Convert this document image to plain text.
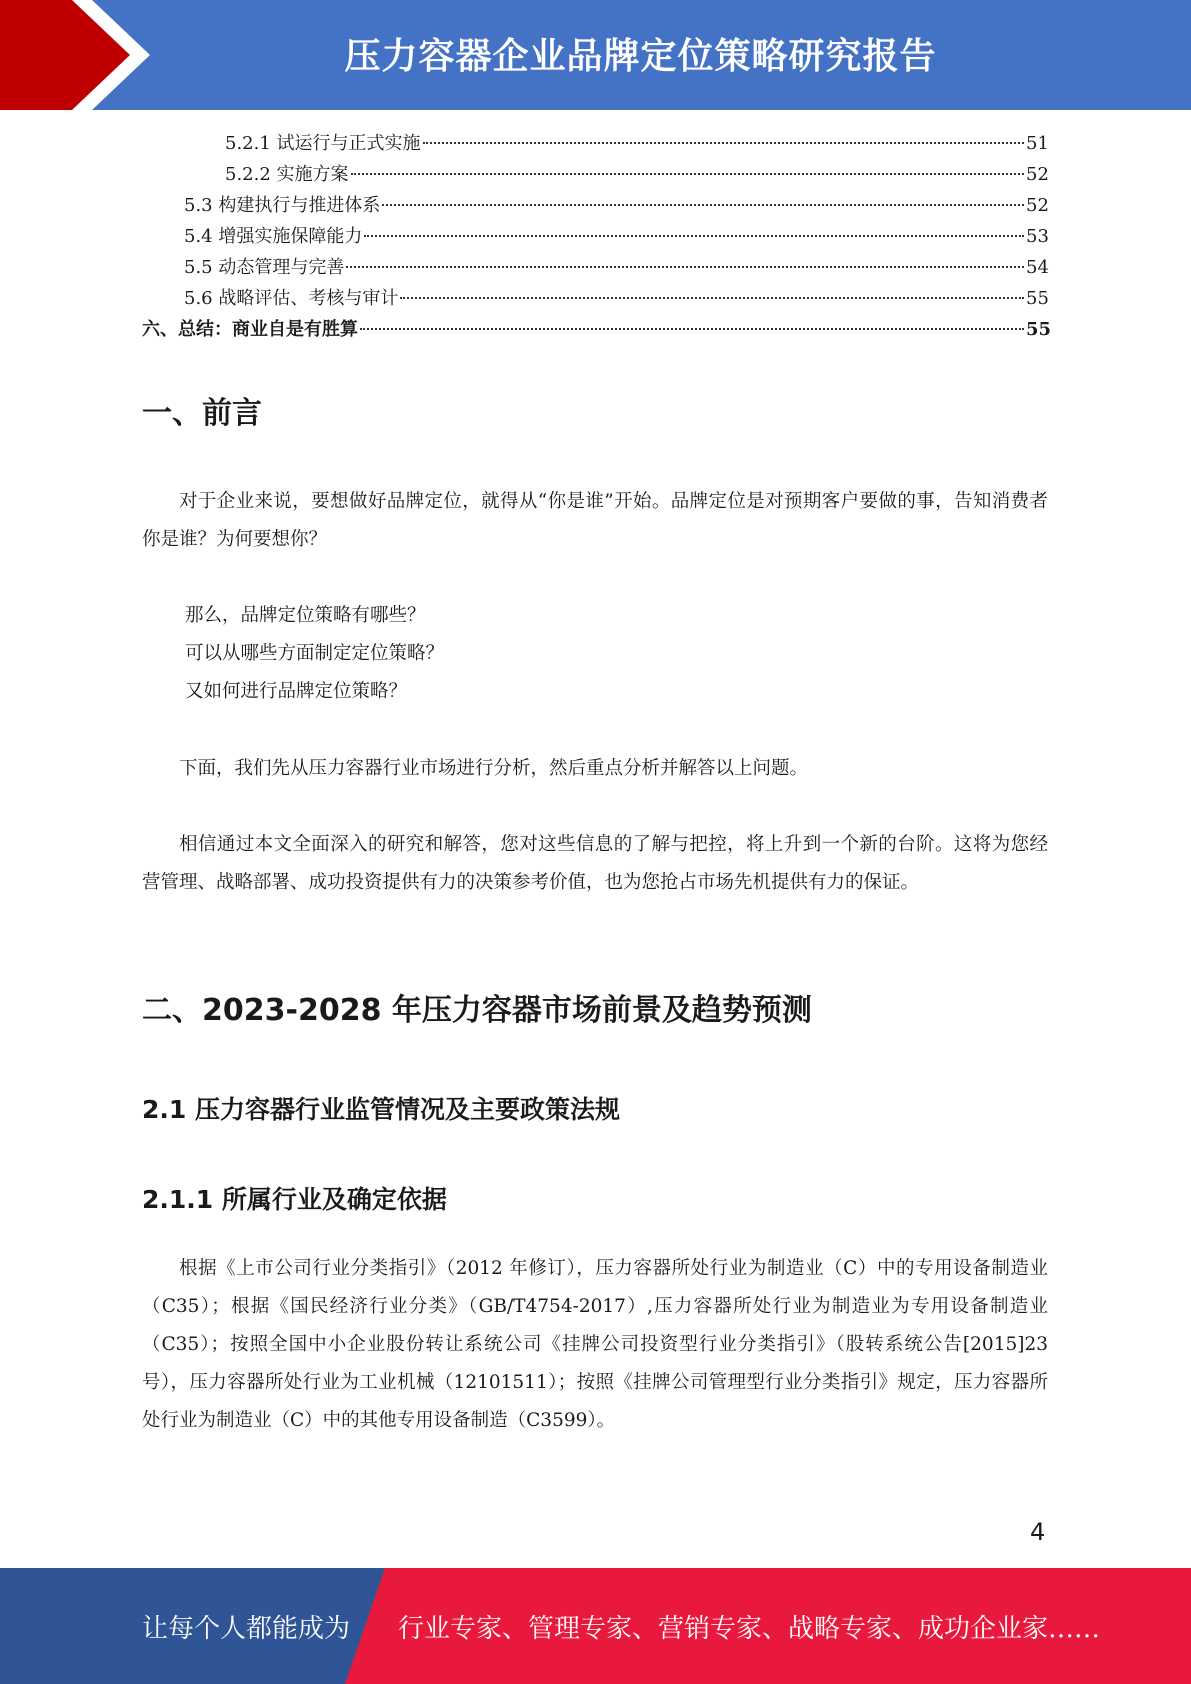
压力容器企业品牌定位策略研究报告
5.2.1 试运行与正式实施	51
5.2.2 实施方案	52
5.3 构建执行与推进体系	52
5.4 增强实施保障能力	53
5.5 动态管理与完善	54
5.6 战略评估、考核与审计	55
六、总结：商业自是有胜算	55
一、前言

对于企业来说，要想做好品牌定位，就得从“你是谁”开始。品牌定位是对预期客户要做的事，告知消费者你是谁？为何要想你？

那么，品牌定位策略有哪些？
可以从哪些方面制定定位策略？
又如何进行品牌定位策略？

下面，我们先从压力容器行业市场进行分析，然后重点分析并解答以上问题。

相信通过本文全面深入的研究和解答，您对这些信息的了解与把控，将上升到一个新的台阶。这将为您经营管理、战略部署、成功投资提供有力的决策参考价值，也为您抢占市场先机提供有力的保证。

二、2023-2028 年压力容器市场前景及趋势预测
2.1 压力容器行业监管情况及主要政策法规
2.1.1 所属行业及确定依据

根据《上市公司行业分类指引》（2012 年修订），压力容器所处行业为制造业（C）中的专用设备制造业（C35）；根据《国民经济行业分类》（GB/T4754-2017）,压力容器所处行业为制造业为专用设备制造业（C35）；按照全国中小企业股份转让系统公司《挂牌公司投资型行业分类指引》（股转系统公告[2015]23 号），压力容器所处行业为工业机械（12101511）；按照《挂牌公司管理型行业分类指引》规定，压力容器所处行业为制造业（C）中的其他专用设备制造（C3599）。

4
让每个人都能成为 行业专家、管理专家、营销专家、战略专家、成功企业家……
